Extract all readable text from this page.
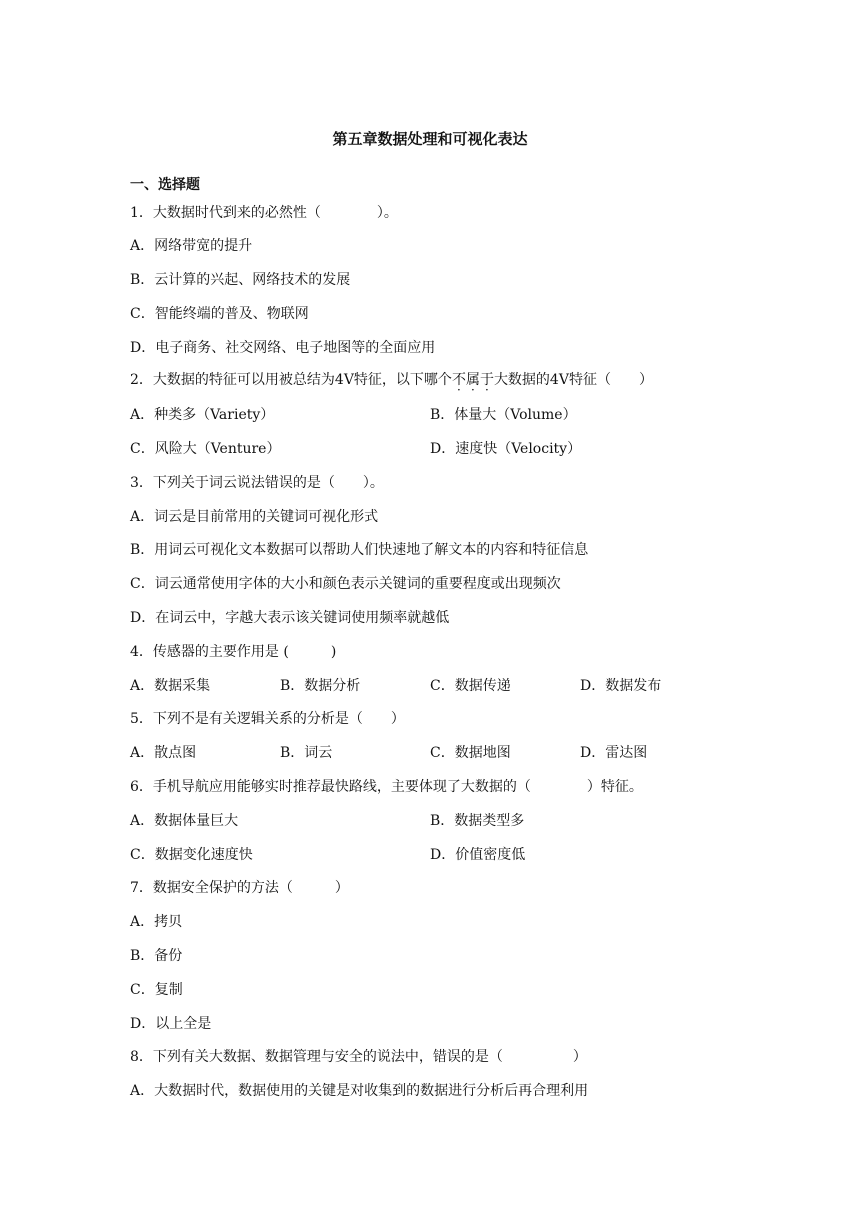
第五章数据处理和可视化表达
一、选择题
1．大数据时代到来的必然性（　　　　）。
A．网络带宽的提升
B．云计算的兴起、网络技术的发展
C．智能终端的普及、物联网
D．电子商务、社交网络、电子地图等的全面应用
2．大数据的特征可以用被总结为4V特征，以下哪个不属于大数据的4V特征（　　）
A．种类多（Variety）	B．体量大（Volume）
C．风险大（Venture）	D．速度快（Velocity）
3．下列关于词云说法错误的是（　　）。
A．词云是目前常用的关键词可视化形式
B．用词云可视化文本数据可以帮助人们快速地了解文本的内容和特征信息
C．词云通常使用字体的大小和颜色表示关键词的重要程度或出现频次
D．在词云中，字越大表示该关键词使用频率就越低
4．传感器的主要作用是 (　　　)
A．数据采集	B．数据分析	C．数据传递	D．数据发布
5．下列不是有关逻辑关系的分析是（　　）
A．散点图	B．词云	C．数据地图	D．雷达图
6．手机导航应用能够实时推荐最快路线，主要体现了大数据的（　　　　）特征。
A．数据体量巨大	B．数据类型多
C．数据变化速度快	D．价值密度低
7．数据安全保护的方法（　　　）
A．拷贝
B．备份
C．复制
D．以上全是
8．下列有关大数据、数据管理与安全的说法中，错误的是（　　　　　）
A．大数据时代，数据使用的关键是对收集到的数据进行分析后再合理利用
